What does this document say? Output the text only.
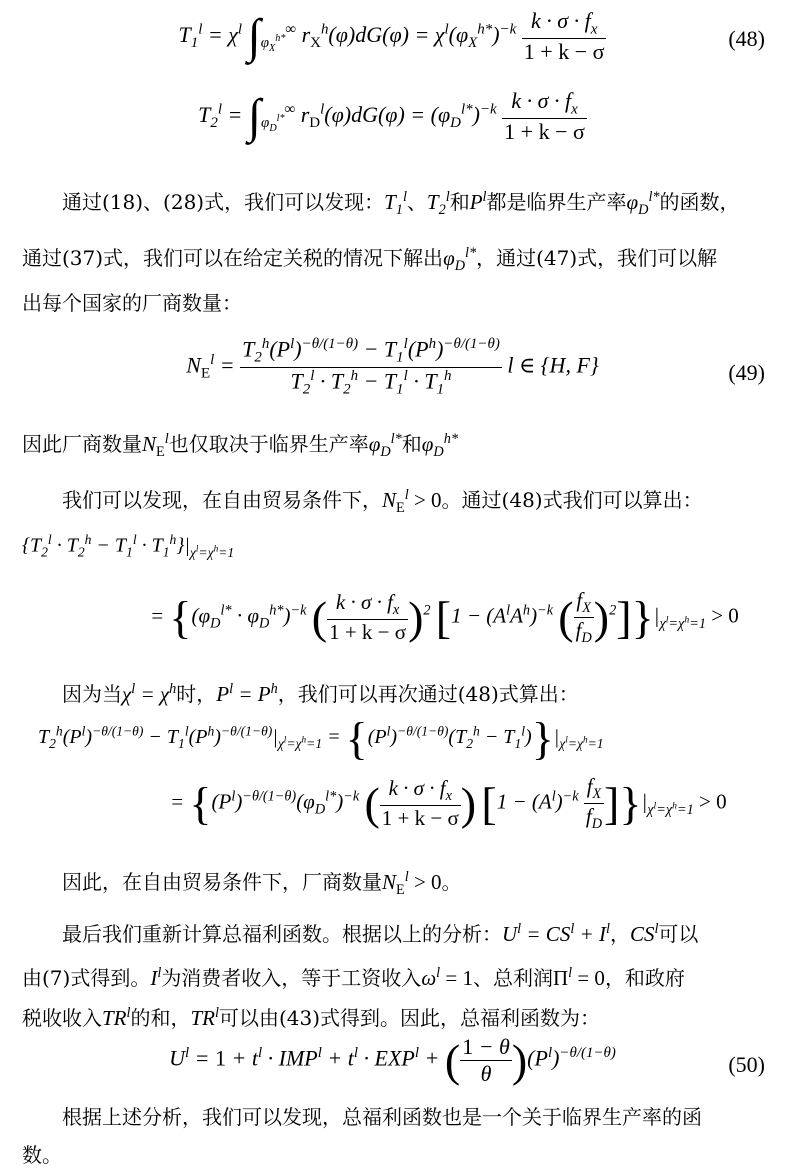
$T_1^l = \chi^l$ $\int_{\varphi_X^{h*}}^\infty$ $r_X^h(\varphi)dG(\varphi) = \chi^l(\varphi_X^{h*})^{-k} \frac{k \cdot \sigma \cdot f_x}{1 + k - \sigma}$	(48)
$T_2^l = \int_{\varphi_D^{l*}}^\infty$ $r_D^l(\varphi)dG(\varphi) = (\varphi_D^{l*})^{-k} \frac{k \cdot \sigma \cdot f_x}{1 + k - \sigma}$
通过(18)、(28)式，我们可以发现：$T_1^l$、$T_2^l$和$P^l$都是临界生产率$\varphi_D^{l*}$的函数，
通过(37)式，我们可以在给定关税的情况下解出$\varphi_D^{l*}$，通过(47)式，我们可以解
出每个国家的厂商数量：
$N_E^l = \frac{T_2^h(P^l)^{-\theta/(1-\theta)} - T_1^l(P^h)^{-\theta/(1-\theta)}}{T_2^l \cdot T_2^h - T_1^l \cdot T_1^h}$ l ∈ {H, F}	(49)
因此厂商数量$N_E^l$也仅取决于临界生产率$\varphi_D^{l*}$和$\varphi_D^{h*}$
我们可以发现，在自由贸易条件下，$N_E^l > 0$。通过(48)式我们可以算出：
$\{T_2^l \cdot T_2^h - T_1^l \cdot T_1^h\}|_{\chi^l=\chi^h=1}$
= {$(\varphi_D^{l*} \cdot \varphi_D^{h*})^{-k}$ ( $\frac{k \cdot \sigma \cdot f_x}{1 + k - \sigma} )^2$ [$1 - (A^lA^h)^{-k}$ ( $\frac{f_X}{f_D} )^2]\}|_{\chi^l=\chi^h=1} > 0$
因为当$\chi^l = \chi^h$时，$P^l = P^h$，我们可以再次通过(48)式算出：
$T_2^h(P^l)^{-\theta/(1-\theta)} - T_1^l(P^h)^{-\theta/(1-\theta)}|_{\chi^l=\chi^h=1} = \{(P^l)^{-\theta/(1-\theta)}(T_2^h - T_1^l)\}|_{\chi^l=\chi^h=1}$
= {$(P^l)^{-\theta/(1-\theta)}(\varphi_D^{l*})^{-k}$ ( $\frac{k \cdot \sigma \cdot f_x}{1 + k - \sigma}$ ) $[1 - (A^l)^{-k} \frac{f_X}{f_D} ]\}|_{\chi^l=\chi^h=1} > 0$
因此，在自由贸易条件下，厂商数量$N_E^l > 0$。
最后我们重新计算总福利函数。根据以上的分析：$U^l = CS^l + I^l$，$CS^l$可以
由(7)式得到。$I^l$为消费者收入，等于工资收入$\omega^l = 1$、总利润$\Pi^l = 0$，和政府
税收收入$TR^l$的和，$TR^l$可以由(43)式得到。因此，总福利函数为：
$U^l = 1 + t^l \cdot IMP^l + t^l \cdot EXP^l$ + ( $\frac{1 - \theta}{\theta} )(P^l)^{-\theta/(1-\theta)}$	(50)
根据上述分析，我们可以发现，总福利函数也是一个关于临界生产率的函
数。
